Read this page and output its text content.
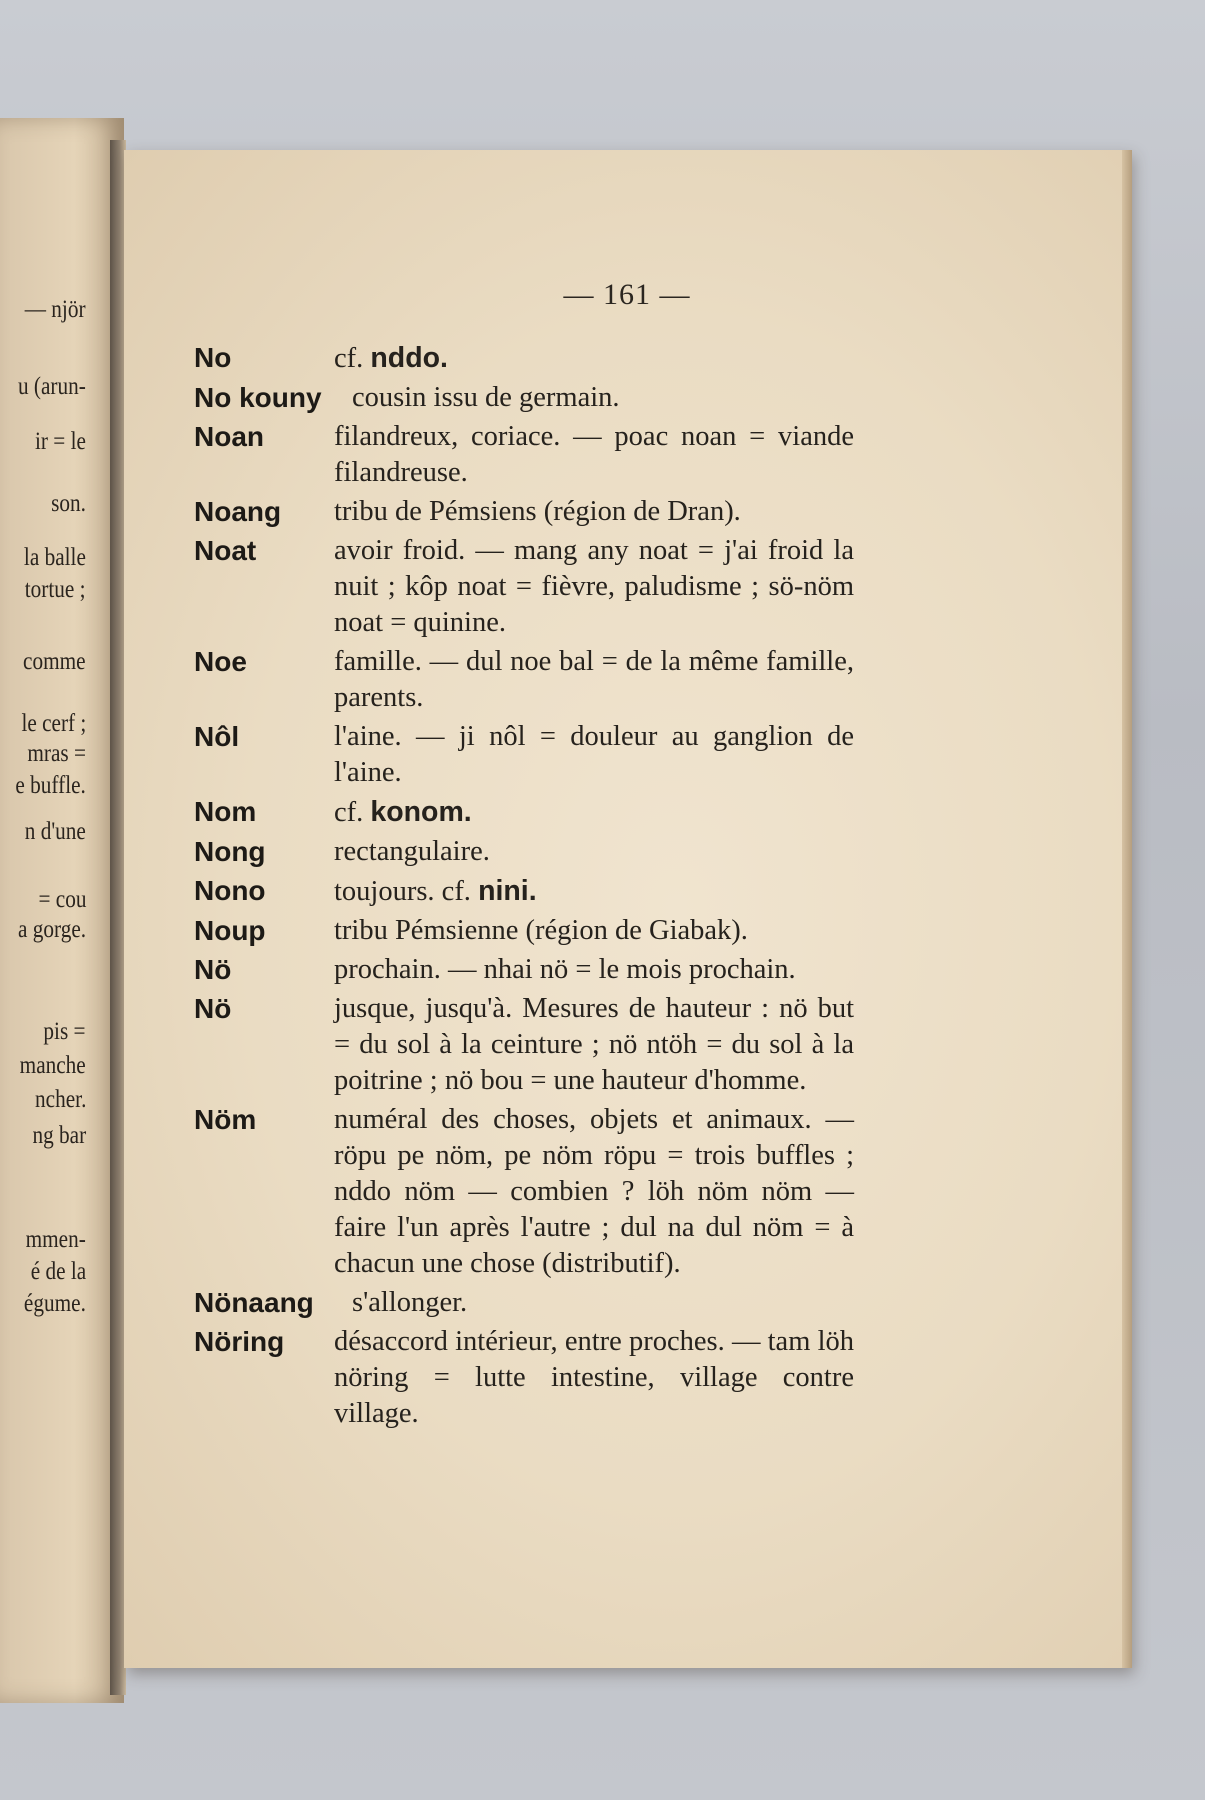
— njör
u (arun-
ir = le
son.
la balle
tortue ;
comme
le cerf ;
mras =
e buffle.
n d'une
= cou
a gorge.
pis =
manche
ncher.
ng bar
mmen-
é de la
égume.
— 161 —
No	cf. nddo.
No kouny	cousin issu de germain.
Noan	filandreux, coriace. — poac noan = viande filandreuse.
Noang	tribu de Pémsiens (région de Dran).
Noat	avoir froid. — mang any noat = j'ai froid la nuit ; kôp noat = fièvre, paludisme ; sö-nöm noat = quinine.
Noe	famille. — dul noe bal = de la même famille, parents.
Nôl	l'aine. — ji nôl = douleur au ganglion de l'aine.
Nom	cf. konom.
Nong	rectangulaire.
Nono	toujours. cf. nini.
Noup	tribu Pémsienne (région de Giabak).
Nö	prochain. — nhai nö = le mois prochain.
Nö	jusque, jusqu'à. Mesures de hauteur : nö but = du sol à la ceinture ; nö ntöh = du sol à la poitrine ; nö bou = une hauteur d'homme.
Nöm	numéral des choses, objets et animaux. — röpu pe nöm, pe nöm röpu = trois buffles ; nddo nöm — combien ? löh nöm nöm — faire l'un après l'autre ; dul na dul nöm = à chacun une chose (distributif).
Nönaang	s'allonger.
Nöring	désaccord intérieur, entre proches. — tam löh nöring = lutte intestine, village contre village.
